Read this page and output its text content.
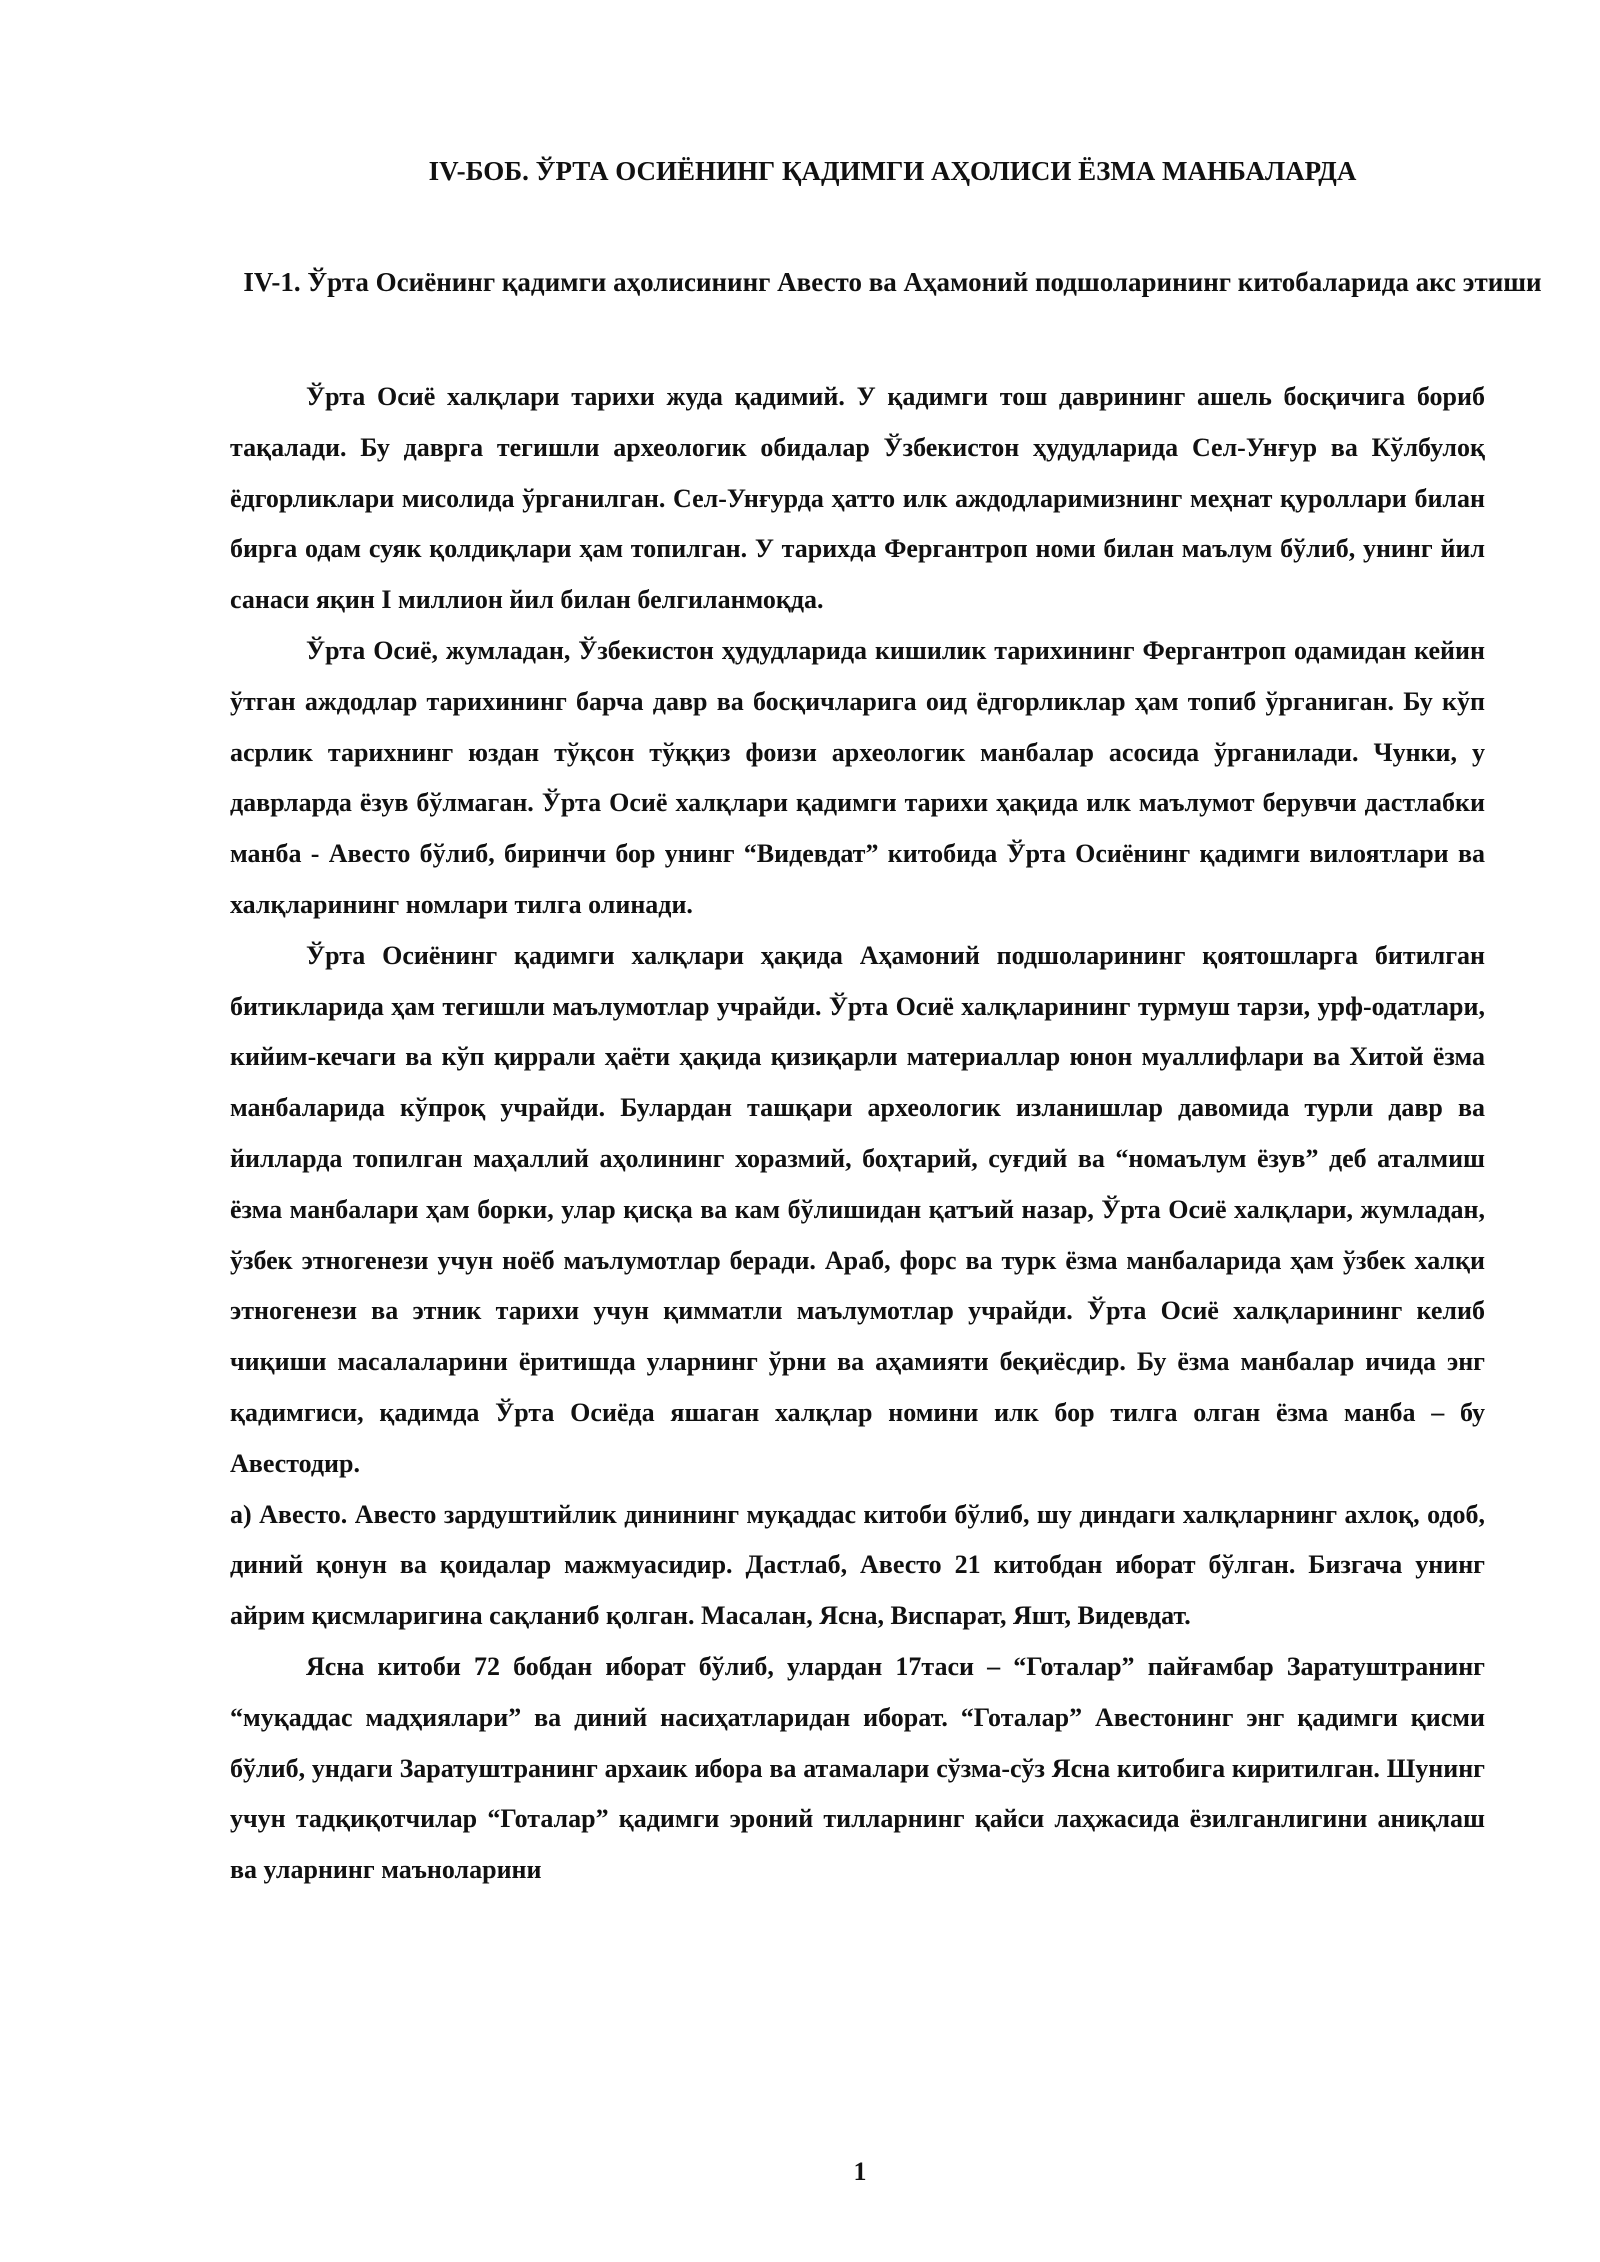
IV-БОБ. ЎРТА ОСИЁНИНГ ҚАДИМГИ АҲОЛИСИ ЁЗМА МАНБАЛАРДА
IV-1. Ўрта Осиёнинг қадимги аҳолисининг Авесто ва Аҳамоний подшоларининг китобаларида акс этиши

Ўрта Осиё халқлари тарихи жуда қадимий. У қадимги тош даврининг ашель босқичига бориб тақалади. Бу даврга тегишли археологик обидалар Ўзбекистон ҳудудларида Сел-Унғур ва Кўлбулоқ ёдгорликлари мисолида ўрганилган. Сел-Унғурда ҳатто илк аждодларимизнинг меҳнат қуроллари билан бирга одам суяк қолдиқлари ҳам топилган. У тарихда Фергантроп номи билан маълум бўлиб, унинг йил санаси яқин I миллион йил билан белгиланмоқда.

Ўрта Осиё, жумладан, Ўзбекистон ҳудудларида кишилик тарихининг Фергантроп одамидан кейин ўтган аждодлар тарихининг барча давр ва босқичларига оид ёдгорликлар ҳам топиб ўрганиган. Бу кўп асрлик тарихнинг юздан тўқсон тўққиз фоизи археологик манбалар асосида ўрганилади. Чунки, у даврларда ёзув бўлмаган. Ўрта Осиё халқлари қадимги тарихи ҳақида илк маълумот берувчи дастлабки манба - Авесто бўлиб, биринчи бор унинг “Видевдат” китобида Ўрта Осиёнинг қадимги вилоятлари ва халқларининг номлари тилга олинади.

Ўрта Осиёнинг қадимги халқлари ҳақида Аҳамоний подшоларининг қоятошларга битилган битикларида ҳам тегишли маълумотлар учрайди. Ўрта Осиё халқларининг турмуш тарзи, урф-одатлари, кийим-кечаги ва кўп қиррали ҳаёти ҳақида қизиқарли материаллар юнон муаллифлари ва Хитой ёзма манбаларида кўпроқ учрайди. Булардан ташқари археологик изланишлар давомида турли давр ва йилларда топилган маҳаллий аҳолининг хоразмий, боҳтарий, суғдий ва “номаълум ёзув” деб аталмиш ёзма манбалари ҳам борки, улар қисқа ва кам бўлишидан қатъий назар, Ўрта Осиё халқлари, жумладан, ўзбек этногенези учун ноёб маълумотлар беради. Араб, форс ва турк ёзма манбаларида ҳам ўзбек халқи этногенези ва этник тарихи учун қимматли маълумотлар учрайди. Ўрта Осиё халқларининг келиб чиқиши масалаларини ёритишда уларнинг ўрни ва аҳамияти беқиёсдир. Бу ёзма манбалар ичида энг қадимгиси, қадимда Ўрта Осиёда яшаган халқлар номини илк бор тилга олган ёзма манба – бу Авестодир.

а) Авесто. Авесто зардуштийлик динининг муқаддас китоби бўлиб, шу диндаги халқларнинг ахлоқ, одоб, диний қонун ва қоидалар мажмуасидир. Дастлаб, Авесто 21 китобдан иборат бўлган. Бизгача унинг айрим қисмларигина сақланиб қолган. Масалан, Ясна, Виспарат, Яшт, Видевдат.

Ясна китоби 72 бобдан иборат бўлиб, улардан 17таси – “Готалар” пайғамбар Заратуштранинг “муқаддас мадҳиялари” ва диний насиҳатларидан иборат. “Готалар” Авестонинг энг қадимги қисми бўлиб, ундаги Заратуштранинг архаик ибора ва атамалари сўзма-сўз Ясна китобига киритилган. Шунинг учун тадқиқотчилар “Готалар” қадимги эроний тилларнинг қайси лаҳжасида ёзилганлигини аниқлаш ва уларнинг маъноларини

1
